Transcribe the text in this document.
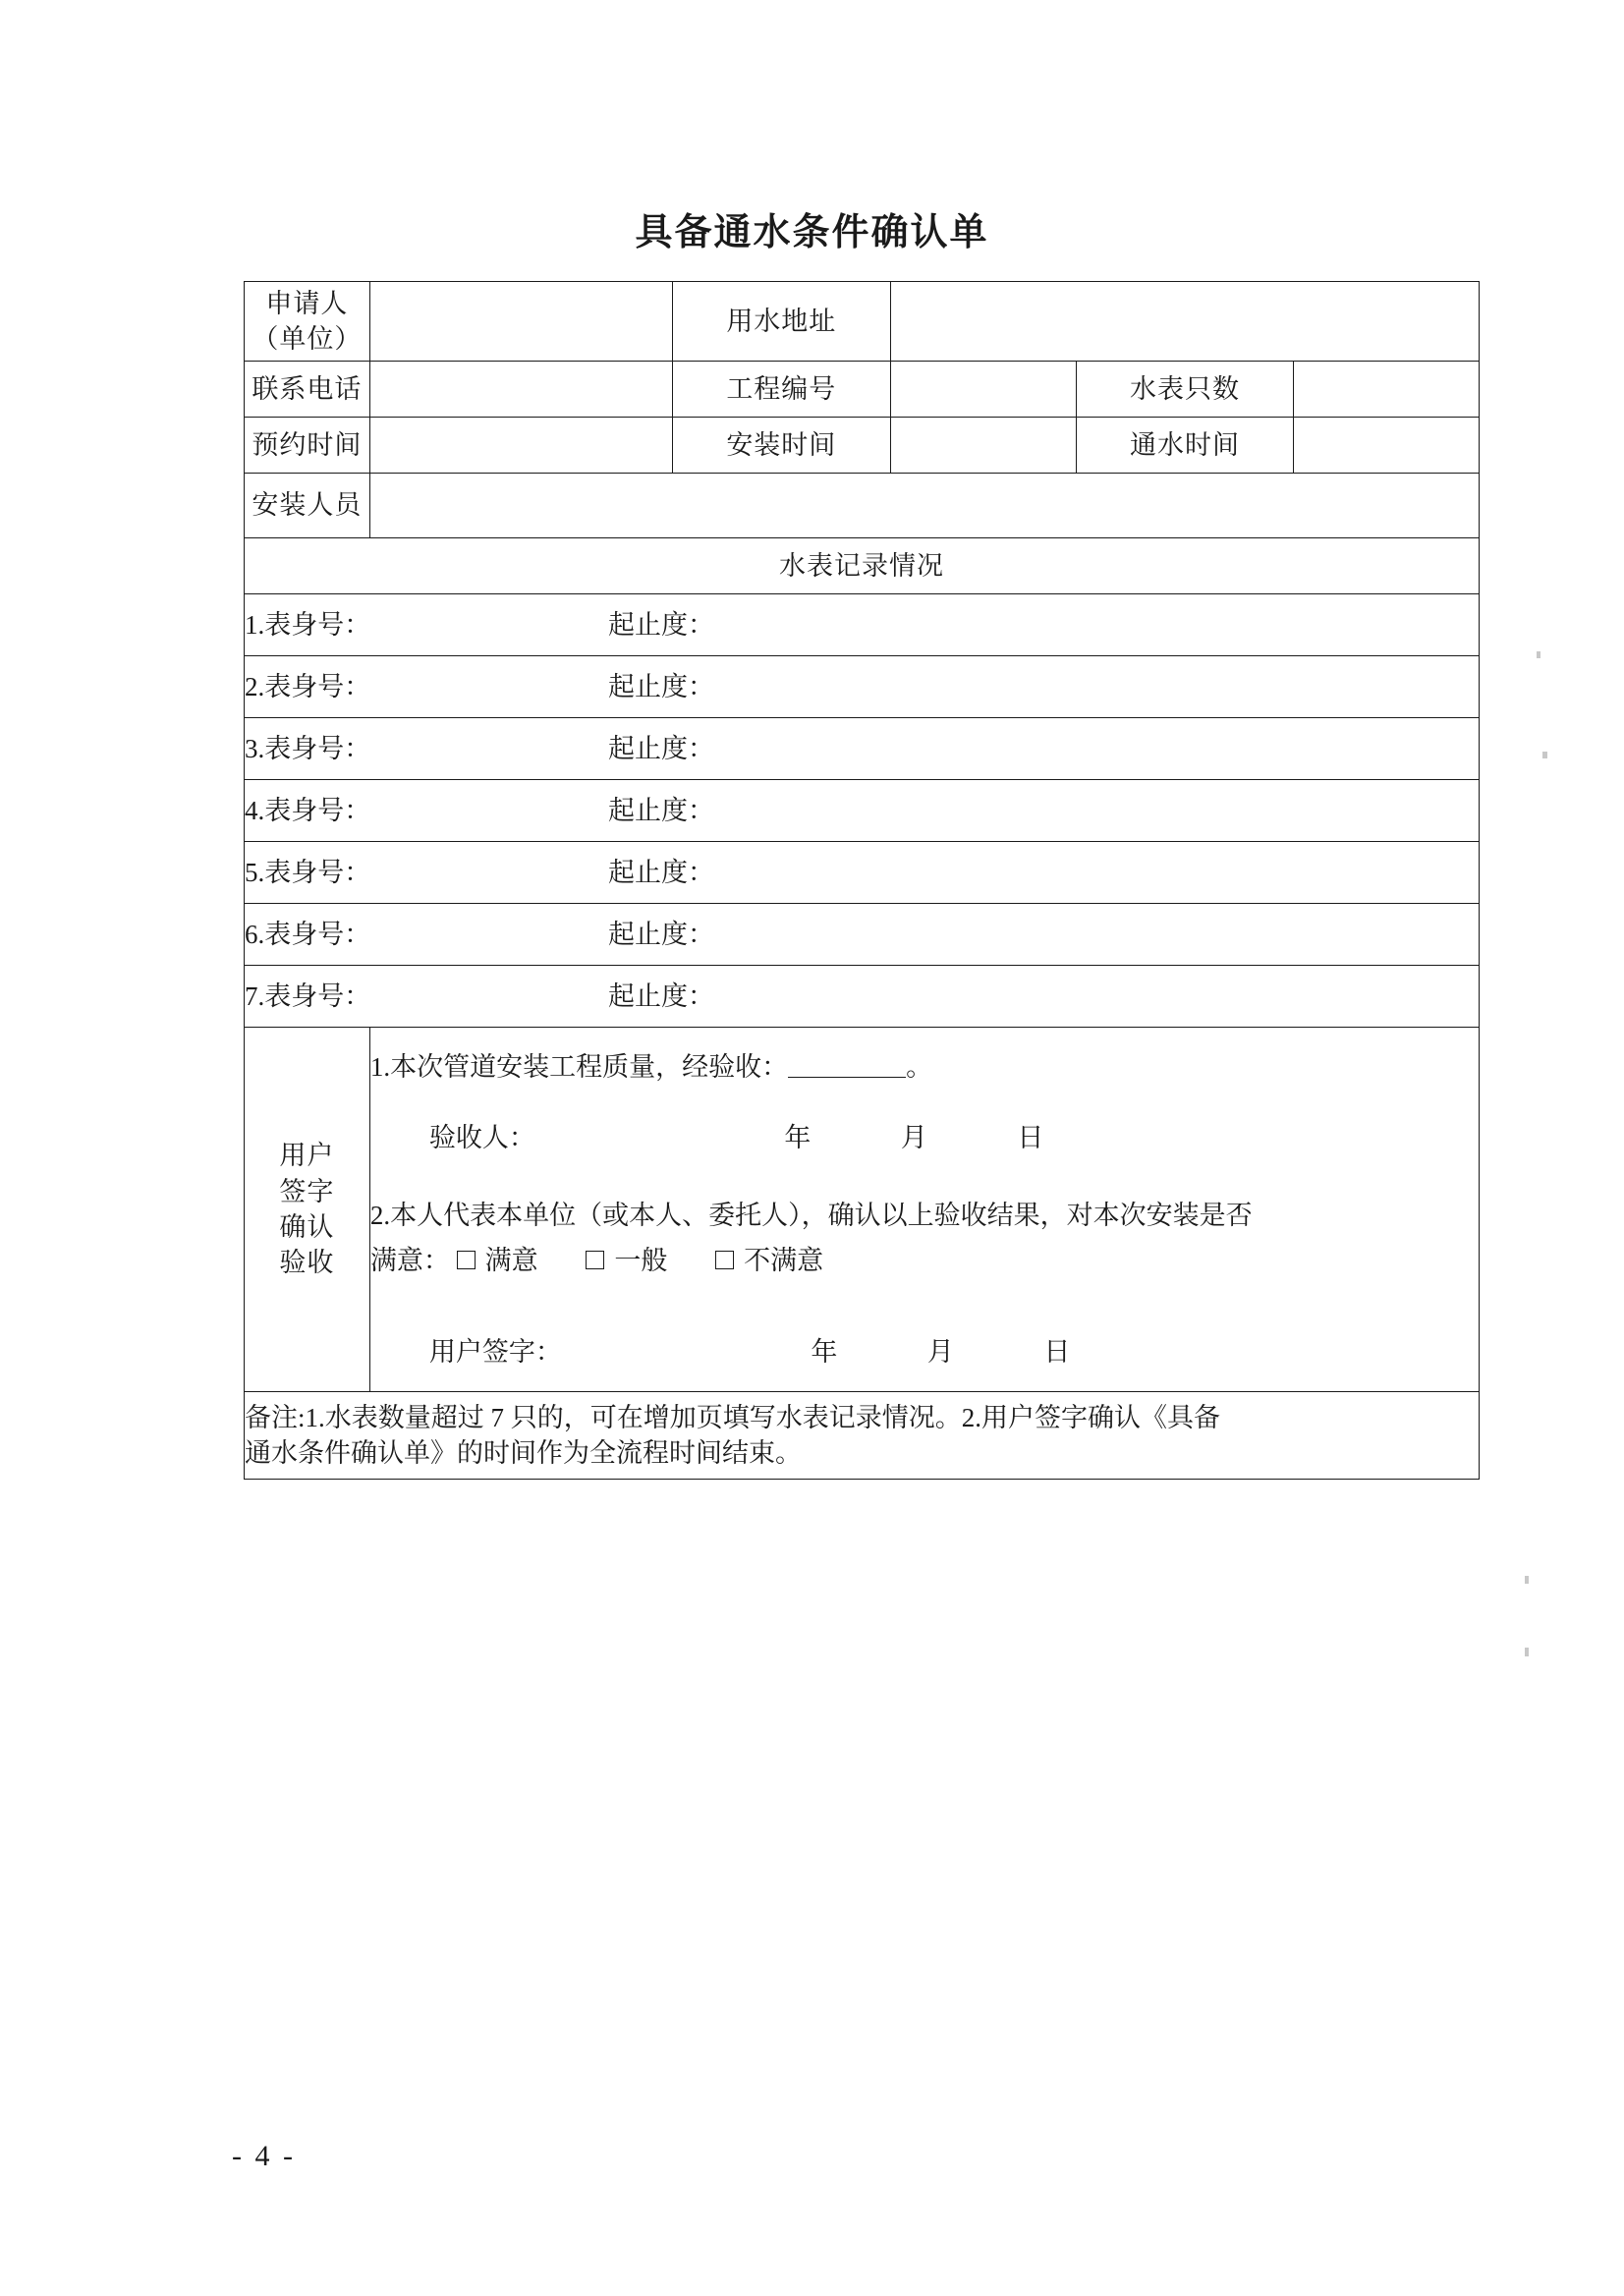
具备通水条件确认单
申请人
（单位）		用水地址			
联系电话		工程编号		水表只数	
预约时间		安装时间		通水时间	
安装人员					
水表记录情况					
1.表身号： 起止度：					

2.表身号： 起止度：					

3.表身号： 起止度：					

4.表身号： 起止度：					

5.表身号： 起止度：					

6.表身号： 起止度：					

7.表身号： 起止度：					

用户
签字
确认
验收

1.本次管道安装工程质量，经验收：	。

验收人：	年	月	日

2.本人代表本单位（或本人、委托人），确认以上验收结果，对本次安装是否

满意： 满意	一般	不满意

用户签字：	年	月	日

备注:1.水表数量超过 7 只的，可在增加页填写水表记录情况。2.用户签字确认《具备
通水条件确认单》的时间作为全流程时间结束。					
- 4 -
